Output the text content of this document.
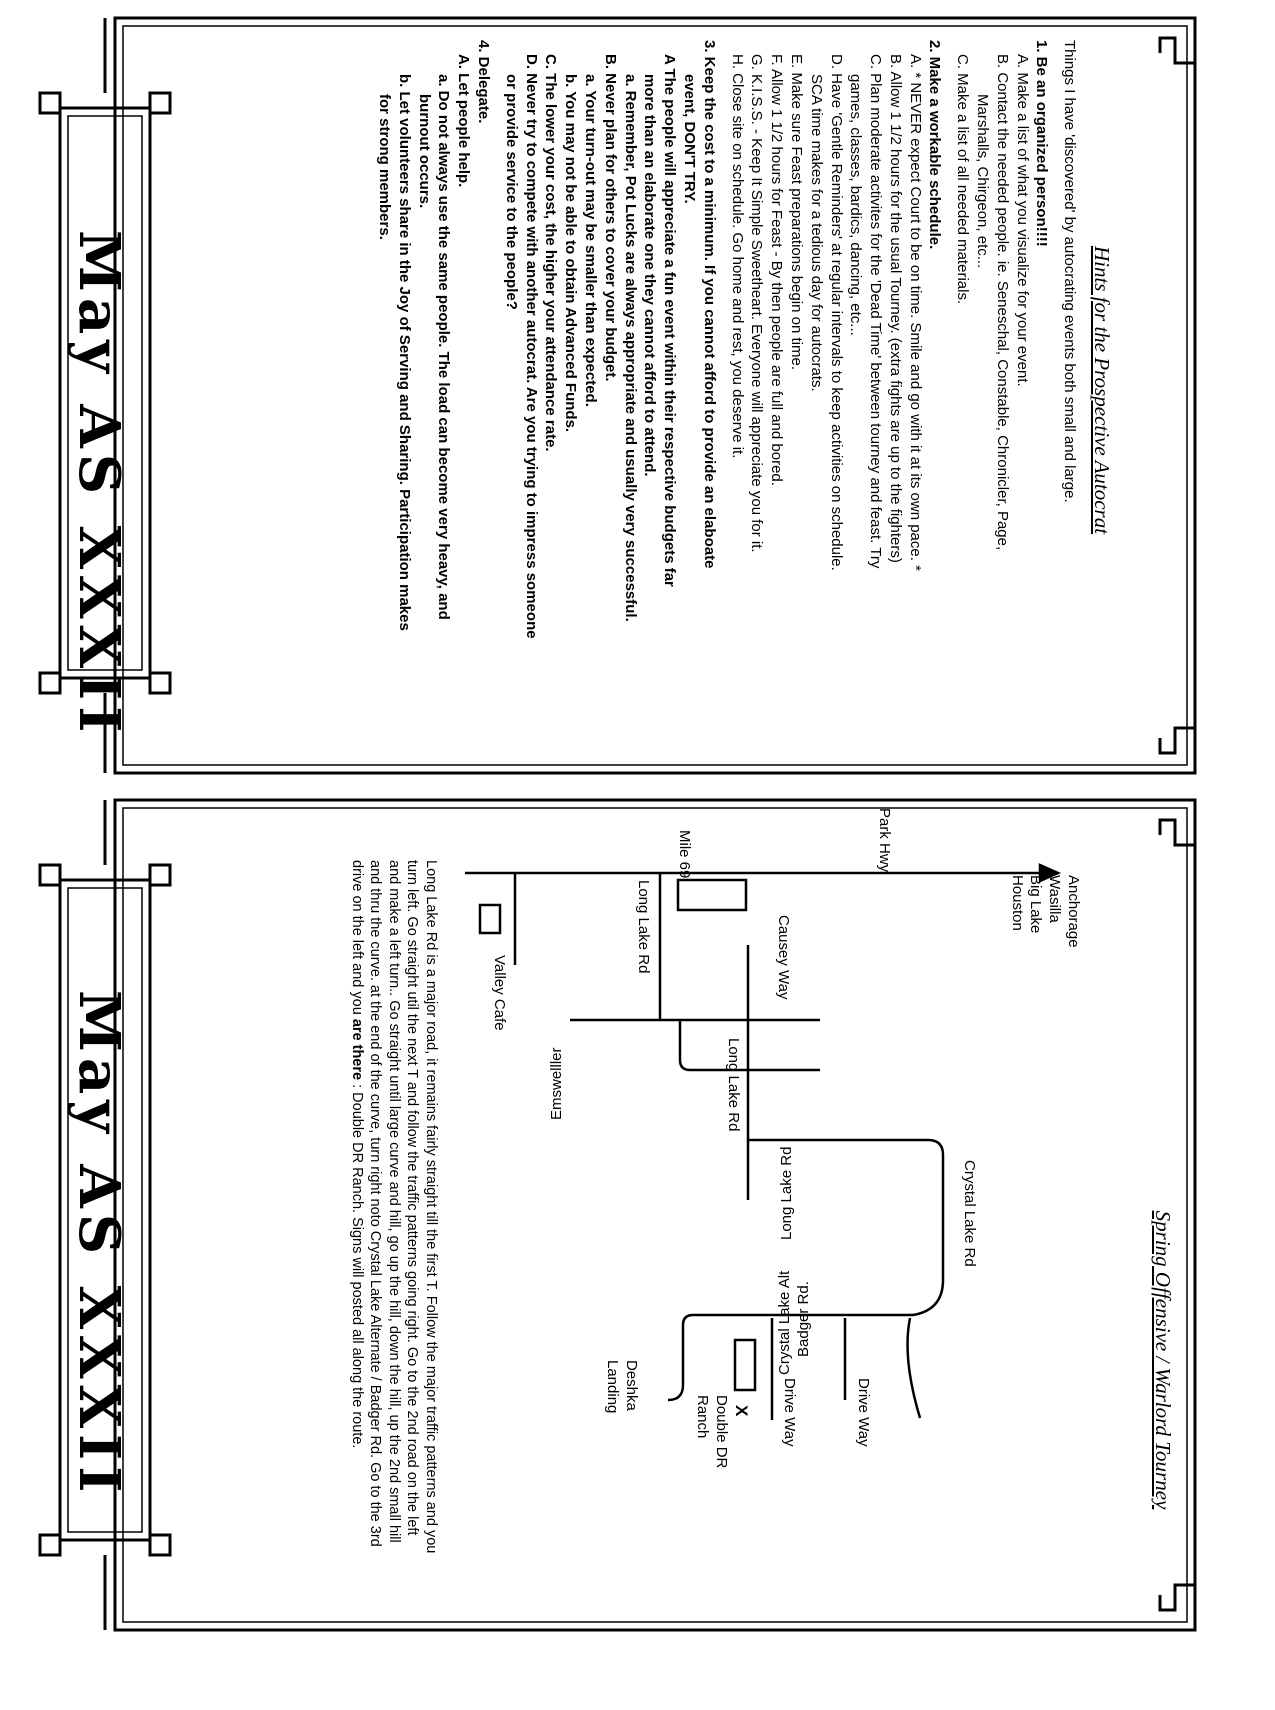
May AS XXXII
May AS XXXII
Hints for the Prospective Autocrat

Things I have 'discovered' by autocrating events both small and large.

1. Be an organized person!!!!

A. Make a list of what you visualize for your event.

B. Contact the needed people. ie. Seneschal, Constable, Chronicler, Page,

Marshalls, Chirgeon, etc...

C. Make a list of all needed materials.

2. Make a workable schedule.

A. * NEVER expect Court to be on time. Smile and go with it at its own pace. *

B. Allow 1 1/2 hours for the usual Tourney. (extra fights are up to the fighters)

C. Plan moderate activites for the 'Dead Time' between tourney and feast. Try

games, classes, bardics, dancing, etc...

D. Have 'Gentle Reminders' at regular intervals to keep activities on schedule.

SCA time makes for a tedious day for autocrats.

E. Make sure Feast preparations begin on time.

F. Allow 1 1/2 hours for Feast - By then people are full and bored.

G. K.I.S.S. - Keep It Simple Sweetheart. Everyone will appreciate you for it.

H. Close site on schedule. Go home and rest, you deserve it.

3. Keep the cost to a minimum. If you cannot afford to provide an elaboate

event, DON'T TRY.

A The people will appreciate a fun event within their respective budgets far

more than an elaborate one they cannot afford to attend.

a. Remember, Pot Lucks are always appropriate and usually very successful.

B. Never plan for others to cover your budget.

a. Your turn-out may be smaller than expected.

b. You may not be able to obtain Advanced Funds.

C. The lower your cost, the higher your attendance rate.

D. Never try to compete with another autocrat. Are you trying to impress someone

or provide service to the people?

4. Delegate.

A. Let people help.

a. Do not always use the same people. The load can become very heavy, and

burnout occurs.

b. Let volunteers share in the Joy of Serving and Sharing. Participation makes

for strong members.

Spring Offensive / Warlord Tourney
Anchorage
Wasilla
Big Lake
Houston
Park Hwy.
Mile 69
Long Lake Rd
Valley Cafe	Causey Way
Emswelller	Long Lake Rd
Long Lake Rd	Crystal Lake Rd
Crystal Lake Alt Badger Rd.
Drive Way
Drive Way
X
Double DR
Ranch
Deshka
Landing
Long Lake Rd is a major road, it remains fairly straight till the first T. Follow the major traffic patterns and you turn left. Go straight util the next T and follow the traffic patterns going right. Go to the 2nd road on the left and make a left turn.. Go straight until large curve and hill, go up the hill, down the hill, up the 2nd small hill and thru the curve. at the end of the curve, turn right noto Crystal Lake Alternate / Badger Rd. Go to the 3rd drive on the left and you are there : Double DR Ranch. Signs will posted all along the route.
